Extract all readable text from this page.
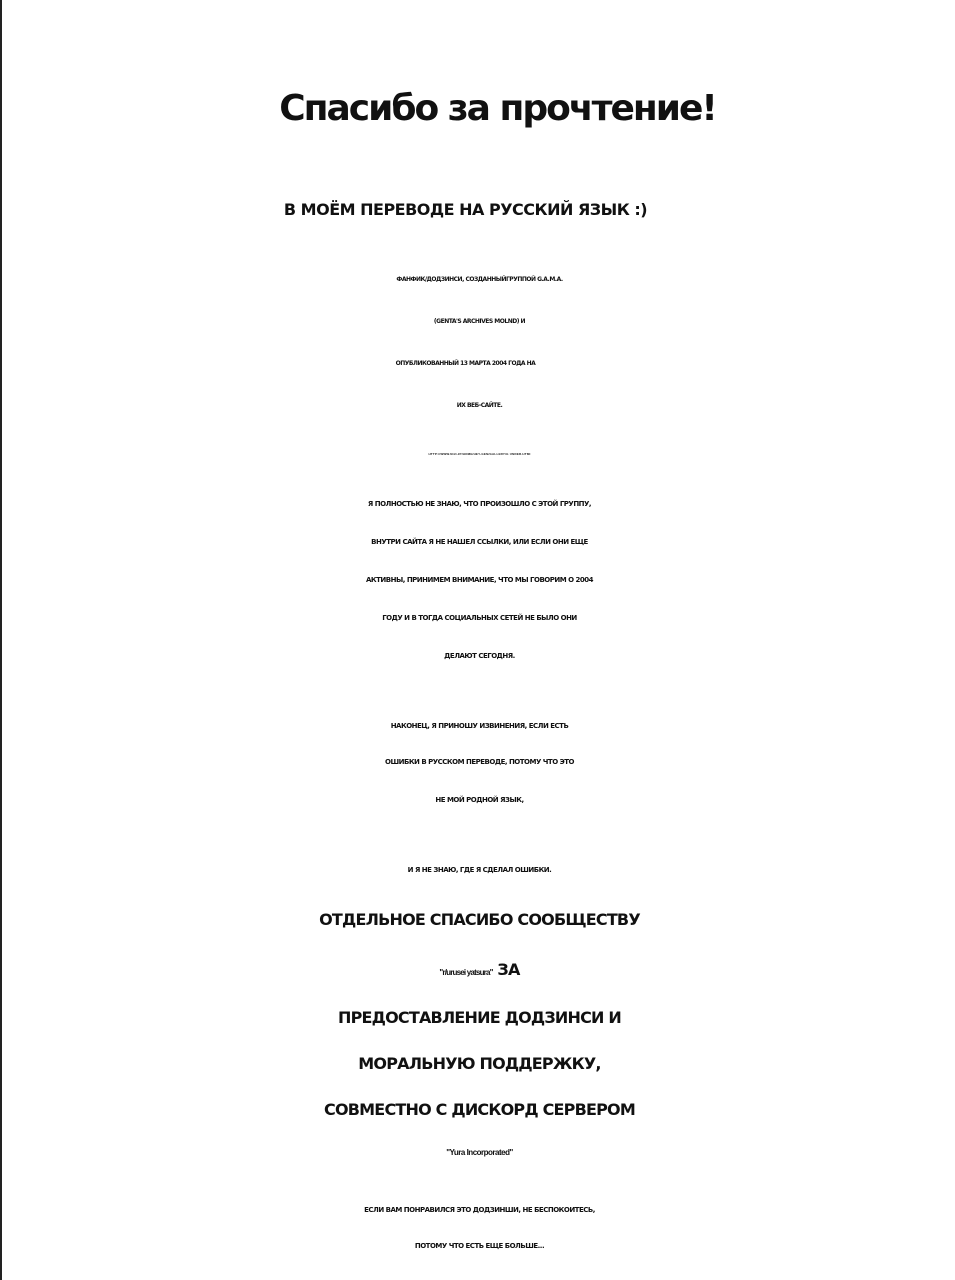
Спасибо за прочтение!
В МОЁМ ПЕРЕВОДЕ НА РУССКИЙ ЯЗЫК :)
ФАНФИК/ДОДЗИНСИ, СОЗДАННЫЙГРУППОЙ G.A.M.A.
(GENTA'S ARCHIVES MOLND) И
ОПУБЛИКОВАННЫЙ 13 МАРТА 2004 ГОДА НА
ИХ ВЕБ-САЙТЕ.
HTTP://WWW.NIJI.JP/HOME/HEY-GEN/GALLERY/G UNDER.HTMI
Я ПОЛНОСТЬЮ НЕ ЗНАЮ, ЧТО ПРОИЗОШЛО С ЭТОЙ ГРУППУ,
ВНУТРИ САЙТА Я НЕ НАШЕЛ ССЫЛКИ, ИЛИ ЕСЛИ ОНИ ЕЩЕ
АКТИВНЫ, ПРИНИМЕМ ВНИМАНИЕ, ЧТО МЫ ГОВОРИМ О 2004
ГОДУ И В ТОГДА СОЦИАЛЬНЫХ СЕТЕЙ НЕ БЫЛО ОНИ
ДЕЛАЮТ СЕГОДНЯ.
НАКОНЕЦ, Я ПРИНОШУ ИЗВИНЕНИЯ, ЕСЛИ ЕСТЬ
ОШИБКИ В РУССКОМ ПЕРЕВОДЕ, ПОТОМУ ЧТО ЭТО
НЕ МОЙ РОДНОЙ ЯЗЫК,
И Я НЕ ЗНАЮ, ГДЕ Я СДЕЛАЛ ОШИБКИ.
ОТДЕЛЬНОЕ СПАСИБО СООБЩЕСТВУ
"r/urusei yatsura" ЗА
ПРЕДОСТАВЛЕНИЕ ДОДЗИНСИ И
МОРАЛЬНУЮ ПОДДЕРЖКУ,
СОВМЕСТНО С ДИСКОРД СЕРВЕРОМ
"Yura Incorporated"
ЕСЛИ ВАМ ПОНРАВИЛСЯ ЭТО ДОДЗИНШИ, НЕ БЕСПОКОИТЕСЬ,
ПОТОМУ ЧТО ЕСТЬ ЕЩЕ БОЛЬШЕ...
